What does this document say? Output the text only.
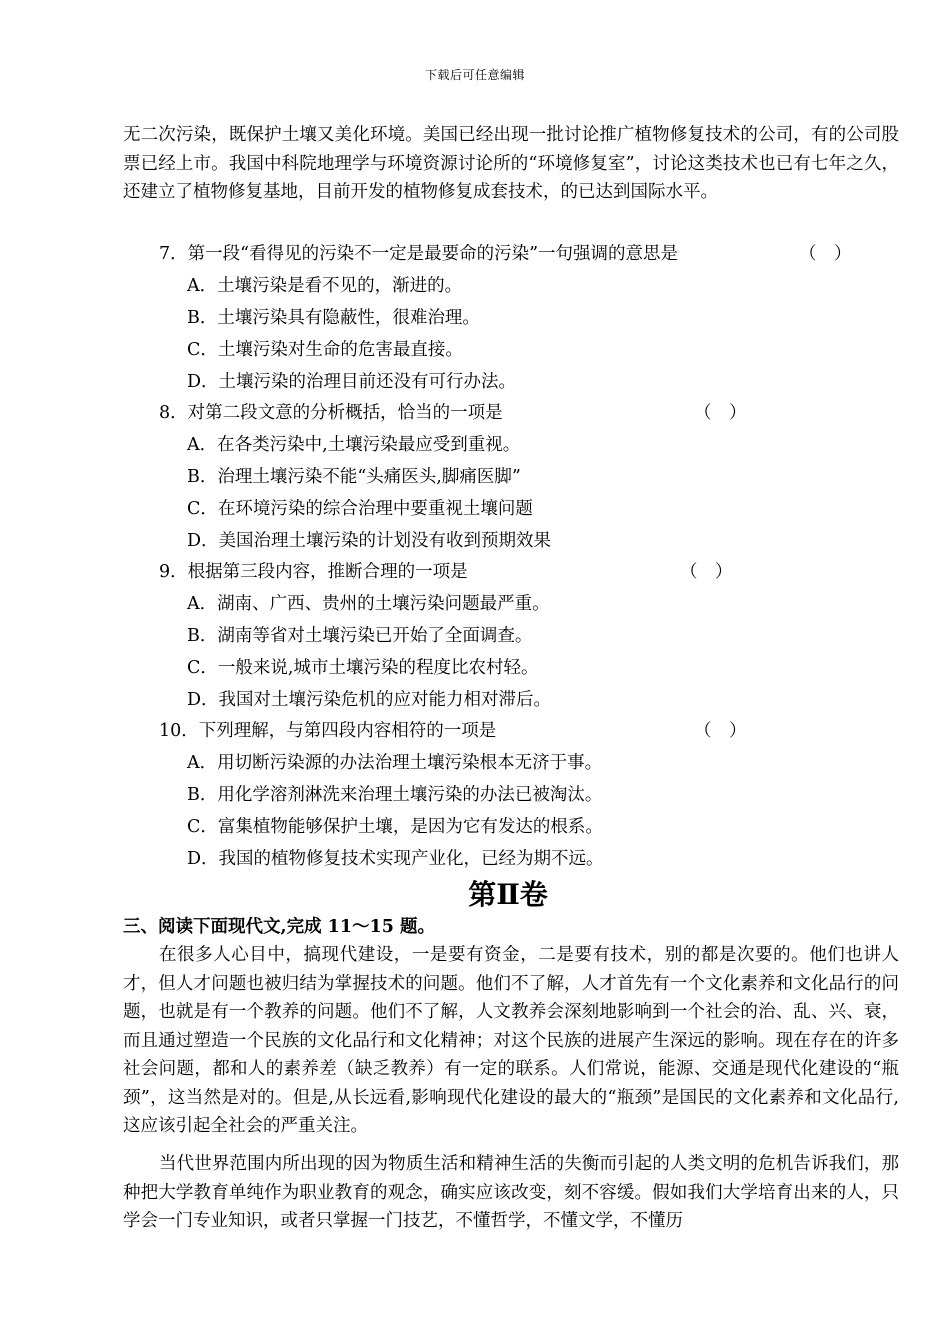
下载后可任意编辑
无二次污染，既保护土壤又美化环境。美国已经出现一批讨论推广植物修复技术的公司，有的公司股票已经上市。我国中科院地理学与环境资源讨论所的“环境修复室”，讨论这类技术也已有七年之久，还建立了植物修复基地，目前开发的植物修复成套技术，的已达到国际水平。
7．第一段“看得见的污染不一定是最要命的污染”一句强调的意思是	（　）
A．土壤污染是看不见的，渐进的。
B．土壤污染具有隐蔽性，很难治理。
C．土壤污染对生命的危害最直接。
D．土壤污染的治理目前还没有可行办法。
8．对第二段文意的分析概括，恰当的一项是	（　）
A．在各类污染中,土壤污染最应受到重视。
B．治理土壤污染不能“头痛医头,脚痛医脚”
C．在环境污染的综合治理中要重视土壤问题
D．美国治理土壤污染的计划没有收到预期效果
9．根据第三段内容，推断合理的一项是	（　）
A．湖南、广西、贵州的土壤污染问题最严重。
B．湖南等省对土壤污染已开始了全面调查。
C．一般来说,城市土壤污染的程度比农村轻。
D．我国对土壤污染危机的应对能力相对滞后。
10．下列理解，与第四段内容相符的一项是	（　）
A．用切断污染源的办法治理土壤污染根本无济于事。
B．用化学溶剂淋洗来治理土壤污染的办法已被淘汰。
C．富集植物能够保护土壤，是因为它有发达的根系。
D．我国的植物修复技术实现产业化，已经为期不远。
第Ⅱ卷
三、阅读下面现代文,完成 11～15 题。
在很多人心目中，搞现代建设，一是要有资金，二是要有技术，别的都是次要的。他们也讲人才，但人才问题也被归结为掌握技术的问题。他们不了解，人才首先有一个文化素养和文化品行的问题，也就是有一个教养的问题。他们不了解，人文教养会深刻地影响到一个社会的治、乱、兴、衰，而且通过塑造一个民族的文化品行和文化精神；对这个民族的进展产生深远的影响。现在存在的许多社会问题，都和人的素养差（缺乏教养）有一定的联系。人们常说，能源、交通是现代化建设的“瓶颈”，这当然是对的。但是,从长远看,影响现代化建设的最大的“瓶颈”是国民的文化素养和文化品行,这应该引起全社会的严重关注。
当代世界范围内所出现的因为物质生活和精神生活的失衡而引起的人类文明的危机告诉我们，那种把大学教育单纯作为职业教育的观念，确实应该改变，刻不容缓。假如我们大学培育出来的人，只学会一门专业知识，或者只掌握一门技艺，不懂哲学，不懂文学，不懂历
